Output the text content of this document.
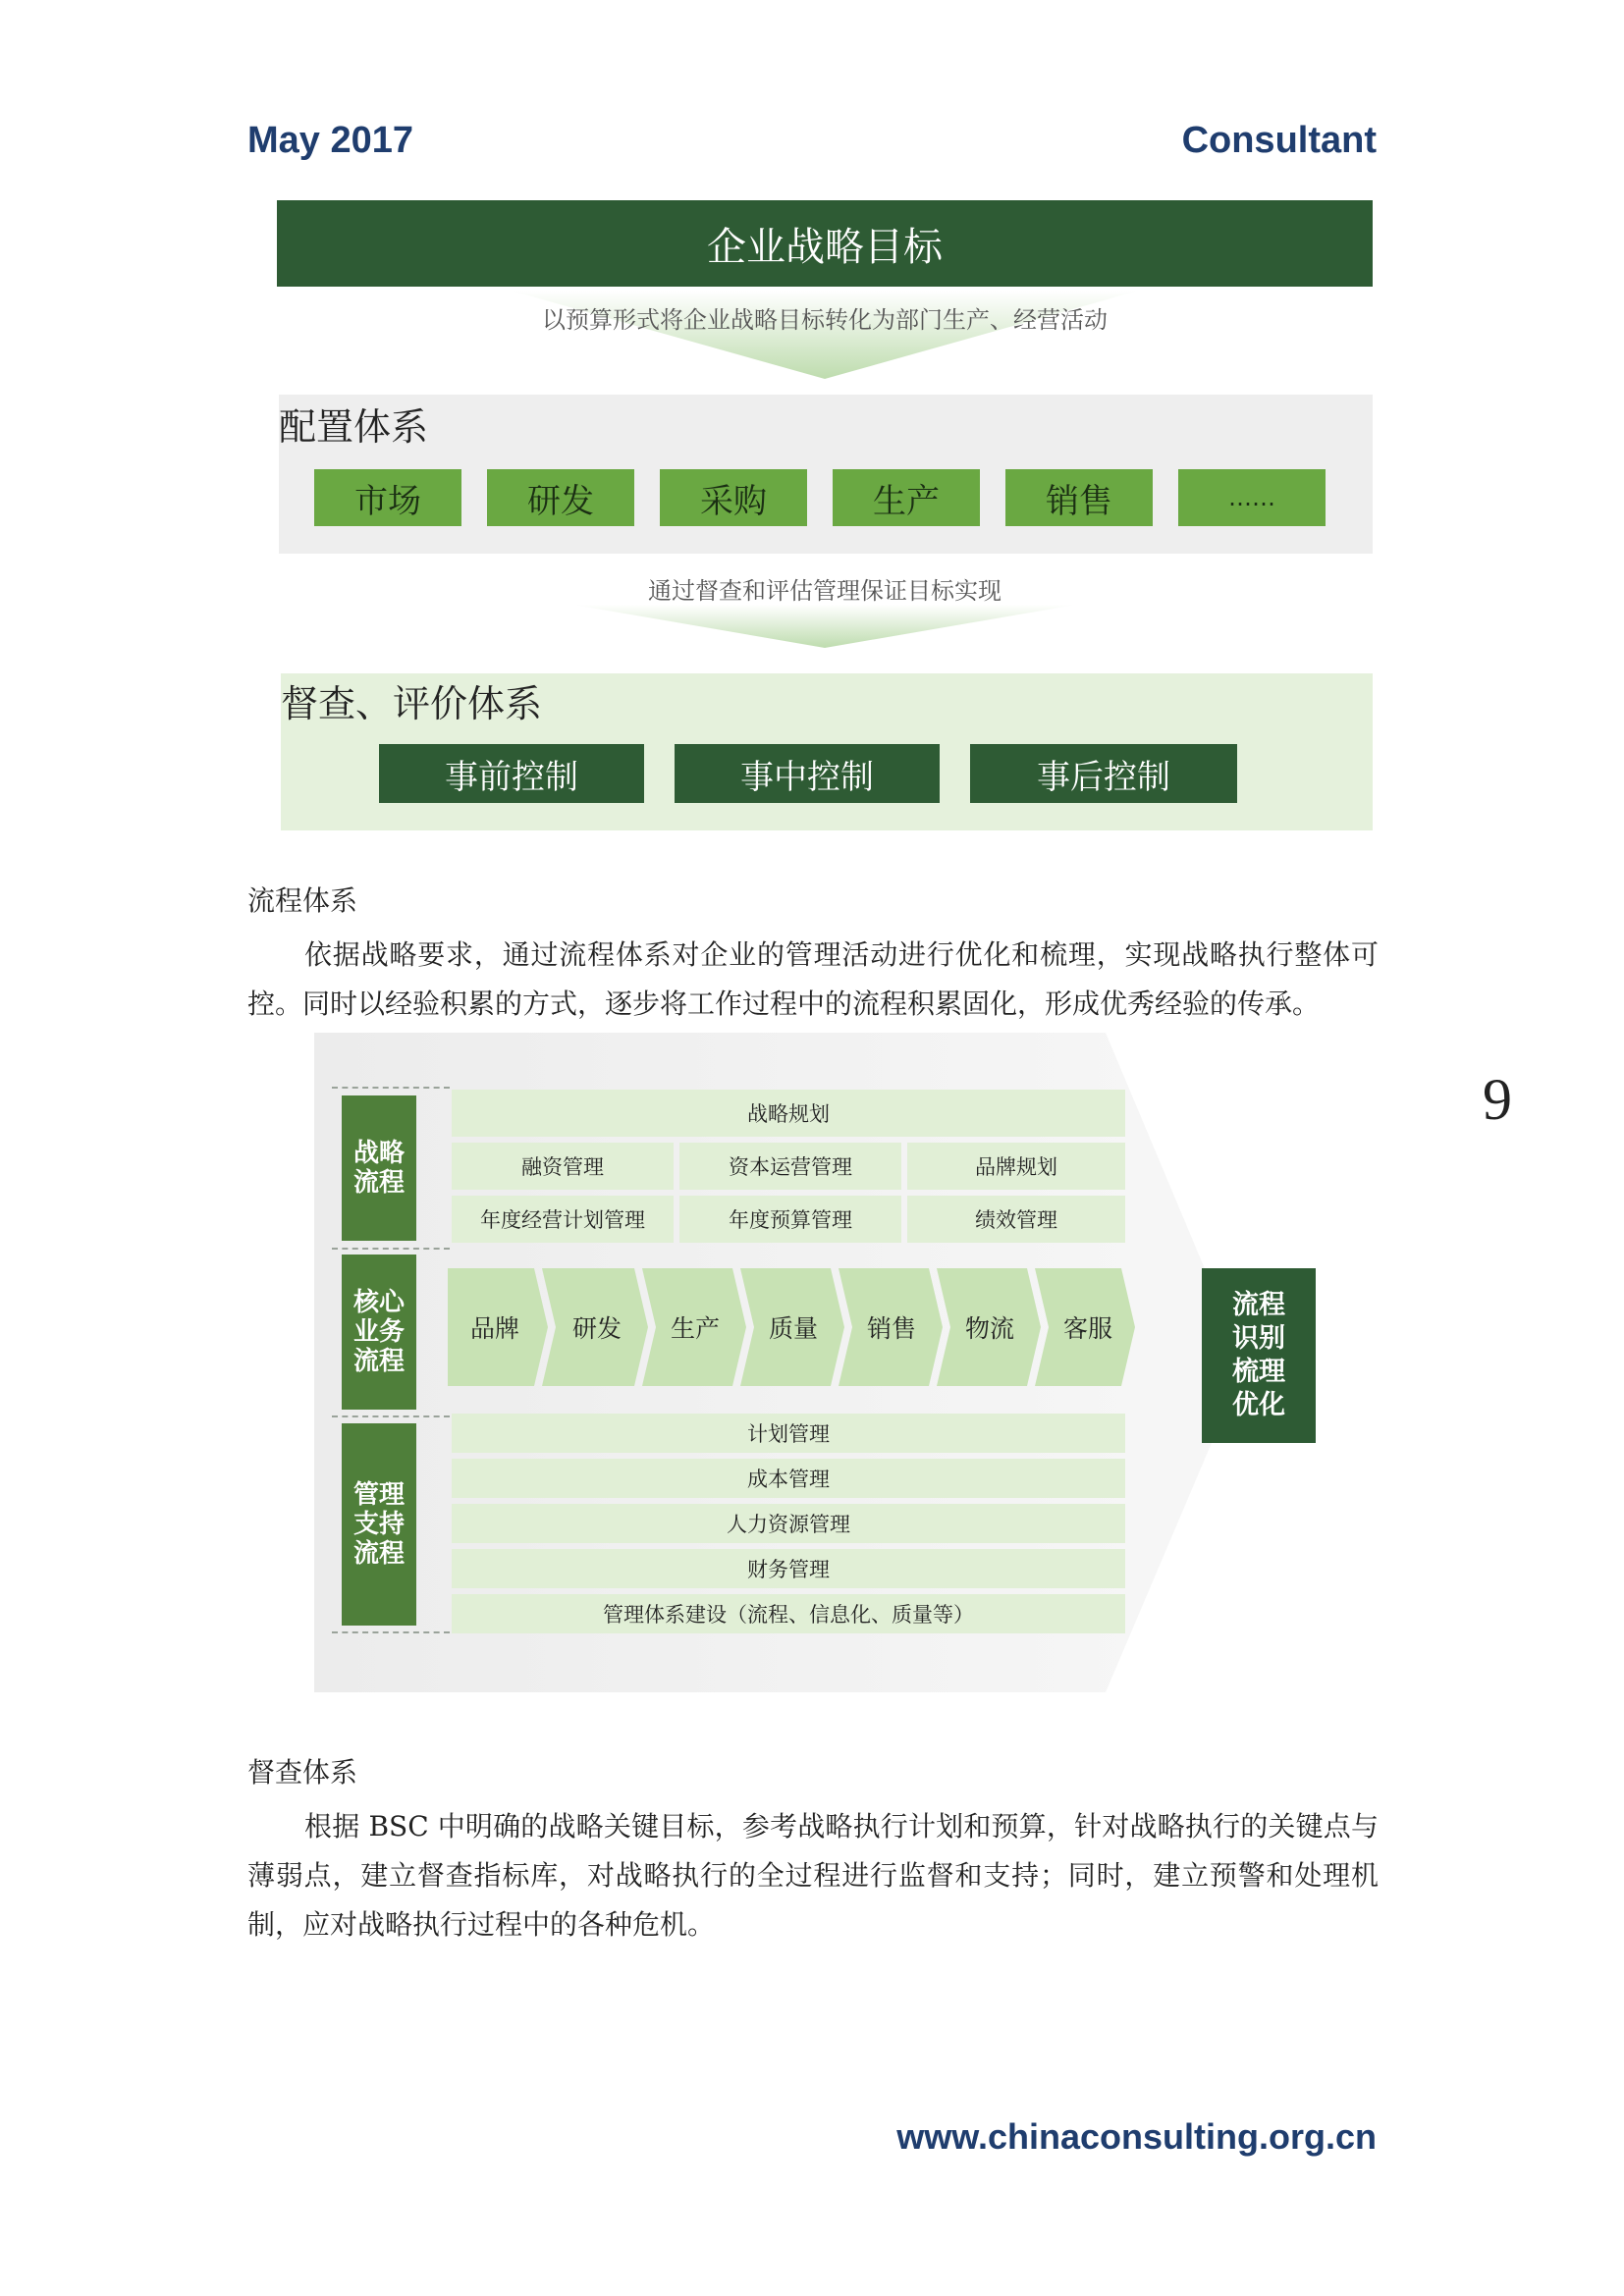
May 2017	Consultant
企业战略目标
以预算形式将企业战略目标转化为部门生产、经营活动
配置体系
市场	研发	采购	生产	销售	……
通过督查和评估管理保证目标实现
督查、评价体系
事前控制	事中控制	事后控制
流程体系
依据战略要求，通过流程体系对企业的管理活动进行优化和梳理，实现战略执行整体可控。同时以经验积累的方式，逐步将工作过程中的流程积累固化，形成优秀经验的传承。
9
战略
流程
战略规划
融资管理	资本运营管理	品牌规划
年度经营计划管理	年度预算管理	绩效管理
核心
业务
流程
品牌	研发	生产	质量	销售	物流	客服
管理
支持
流程
计划管理
成本管理
人力资源管理
财务管理
管理体系建设（流程、信息化、质量等）
流程
识别
梳理
优化
督查体系
根据 BSC 中明确的战略关键目标，参考战略执行计划和预算，针对战略执行的关键点与薄弱点，建立督查指标库，对战略执行的全过程进行监督和支持；同时，建立预警和处理机制，应对战略执行过程中的各种危机。
www.chinaconsulting.org.cn
